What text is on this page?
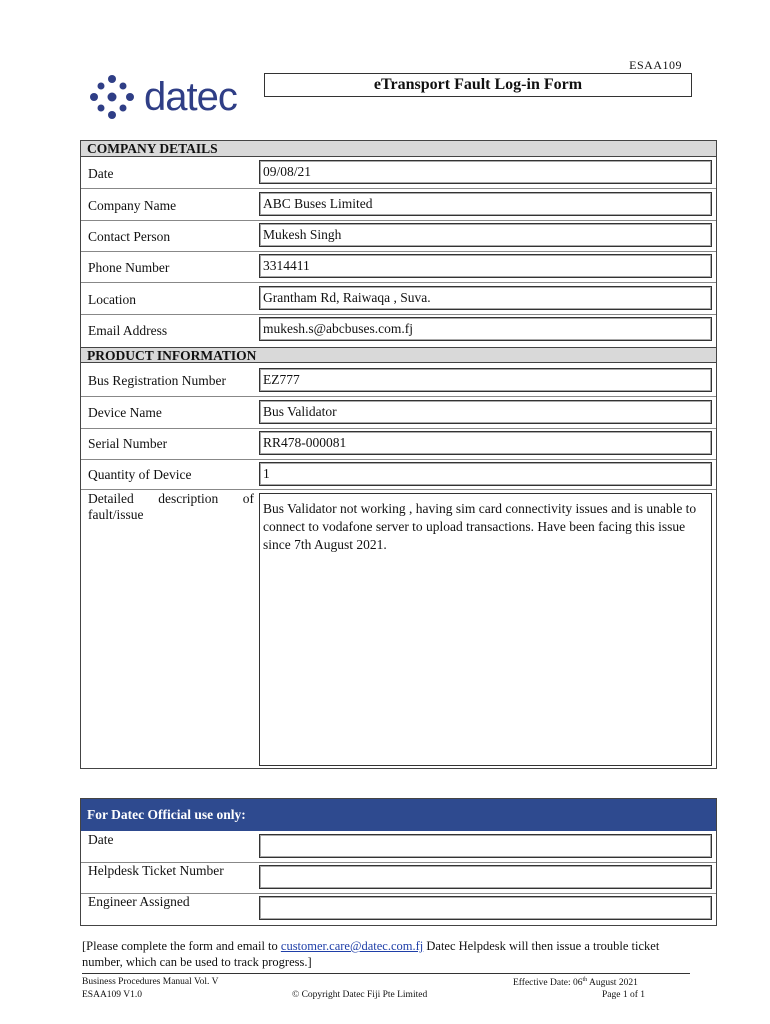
ESAA109
datec	eTransport Fault Log-in Form
COMPANY DETAILS
Date	09/08/21
Company Name	ABC Buses Limited
Contact Person	Mukesh Singh
Phone Number	3314411
Location	Grantham Rd, Raiwaqa , Suva.
Email Address	mukesh.s@abcbuses.com.fj
PRODUCT INFORMATION
Bus Registration Number	EZ777
Device Name	Bus Validator
Serial Number	RR478-000081
Quantity of Device	1
Detailed description of
fault/issue	Bus Validator not working , having sim card connectivity issues and is unable to connect to vodafone server to upload transactions. Have been facing this issue since 7th August 2021.
For Datec Official use only:
Date
Helpdesk Ticket Number
Engineer Assigned
[Please complete the form and email to customer.care@datec.com.fj Datec Helpdesk will then issue a trouble ticket number, which can be used to track progress.]
Business Procedures Manual Vol. V
ESAA109 V1.0	© Copyright Datec Fiji Pte Limited
Effective Date: 06th August 2021
Page 1 of 1
